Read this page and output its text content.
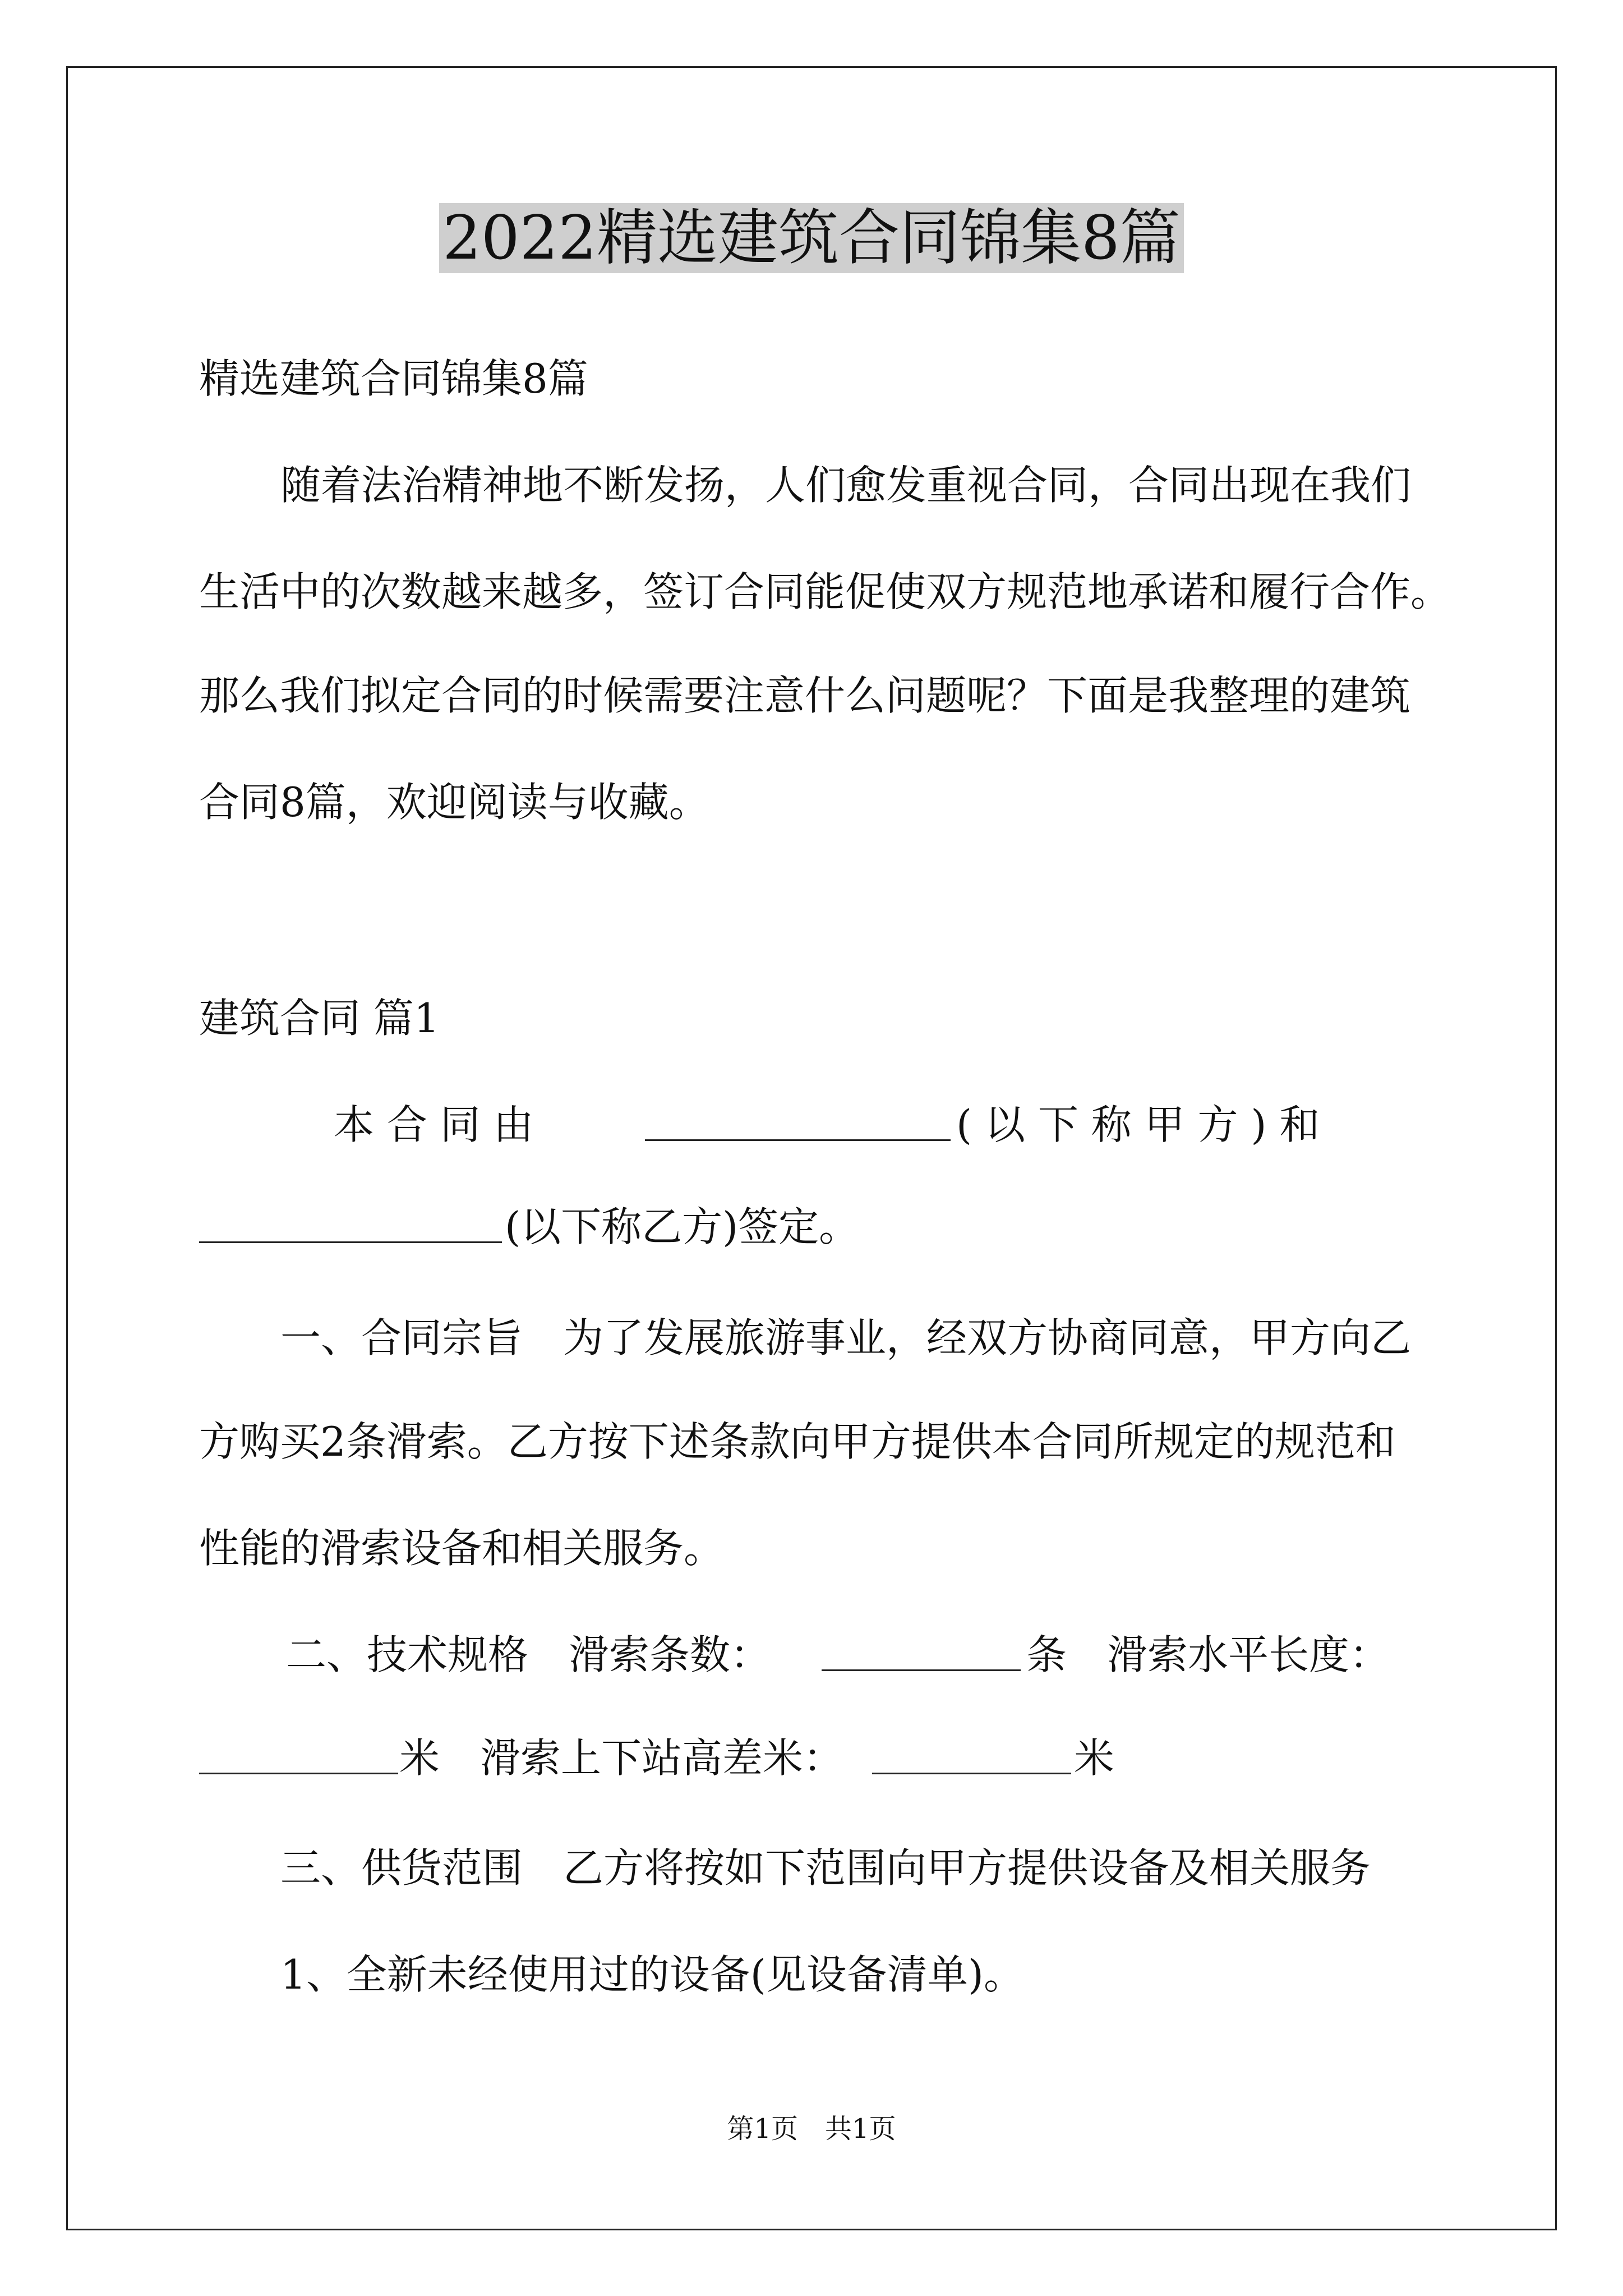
2022精选建筑合同锦集8篇
精选建筑合同锦集8篇
随着法治精神地不断发扬，人们愈发重视合同，合同出现在我们
生活中的次数越来越多，签订合同能促使双方规范地承诺和履行合作。
那么我们拟定合同的时候需要注意什么问题呢？下面是我整理的建筑
合同8篇，欢迎阅读与收藏。
建筑合同 篇1
本 合 同 由	( 以 下 称 甲 方 ) 和
(以下称乙方)签定。
一、合同宗旨　为了发展旅游事业，经双方协商同意，甲方向乙
方购买2条滑索。乙方按下述条款向甲方提供本合同所规定的规范和
性能的滑索设备和相关服务。
二、技术规格　滑索条数：	条　滑索水平长度：
米　滑索上下站高差米：	米
三、供货范围　乙方将按如下范围向甲方提供设备及相关服务
1、全新未经使用过的设备(见设备清单)。
第1页　共1页
